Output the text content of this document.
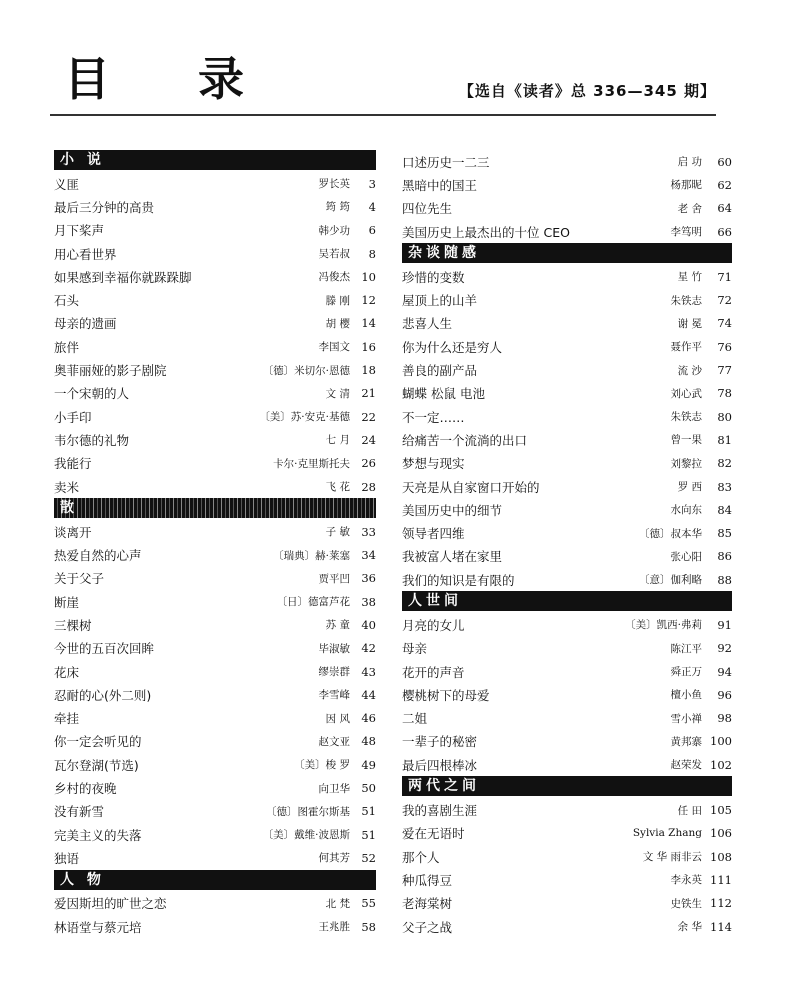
目 录	【选自《读者》总 336—345 期】
小 说
义匪	罗长英	3
最后三分钟的高贵	筠 筠	4
月下桨声	韩少功	6
用心看世界	吴若叔	8
如果感到幸福你就跺跺脚	冯俊杰 10
石头	滕 刚 12
母亲的遗画	胡 樱 14
旅伴	李国文 16
奥菲丽娅的影子剧院	〔德〕米切尔·恩德 18
一个宋朝的人	文 清 21
小手印	〔美〕苏·安克·基德 22
韦尔德的礼物	七 月 24
我能行	卡尔·克里斯托夫 26
卖米	飞 花 28
散
谈离开	子 敏 33
热爱自然的心声	〔瑞典〕赫·莱塞 34
关于父子	贾平凹 36
断崖	〔日〕德富芦花 38
三棵树	苏 童 40
今世的五百次回眸	毕淑敏 42
花床	缪崇群 43
忍耐的心(外二则)	李雪峰 44
牵挂	因 风 46
你一定会听见的	赵文亚 48
瓦尔登湖(节选)	〔美〕梭 罗 49
乡村的夜晚	向卫华 50
没有新雪	〔德〕图霍尔斯基 51
完美主义的失落	〔美〕戴维·波恩斯 51
独语	何其芳 52
人 物
爱因斯坦的旷世之恋	北 梵 55
林语堂与蔡元培	王兆胜 58
口述历史一二三	启 功	60
黑暗中的国王	杨那昵	62
四位先生	老 舍	64
美国历史上最杰出的十位 CEO	李笃明	66
杂谈随感
珍惜的变数	星 竹	71
屋顶上的山羊	朱铁志	72
悲喜人生	谢 冕	74
你为什么还是穷人	聂作平	76
善良的副产品	流 沙	77
蝴蝶 松鼠 电池	刘心武	78
不一定……	朱铁志	80
给痛苦一个流淌的出口	曾一果	81
梦想与现实	刘黎拉	82
天亮是从自家窗口开始的	罗 西	83
美国历史中的细节	水向东	84
领导者四维	〔德〕叔本华	85
我被富人堵在家里	张心阳	86
我们的知识是有限的	〔意〕伽利略	88
人世间
月亮的女儿	〔美〕凯西·弗莉	91
母亲	陈江平	92
花开的声音	舜正万	94
樱桃树下的母爱	檀小鱼	96
二姐	雪小禅	98
一辈子的秘密	黄邦寨 100
最后四根棒冰	赵荣发 102
两代之间
我的喜剧生涯	任 田 105
爱在无语时	Sylvia Zhang 106
那个人	文 华 雨非云 108
种瓜得豆	李永英 111
老海棠树	史铁生 112
父子之战	余 华 114
